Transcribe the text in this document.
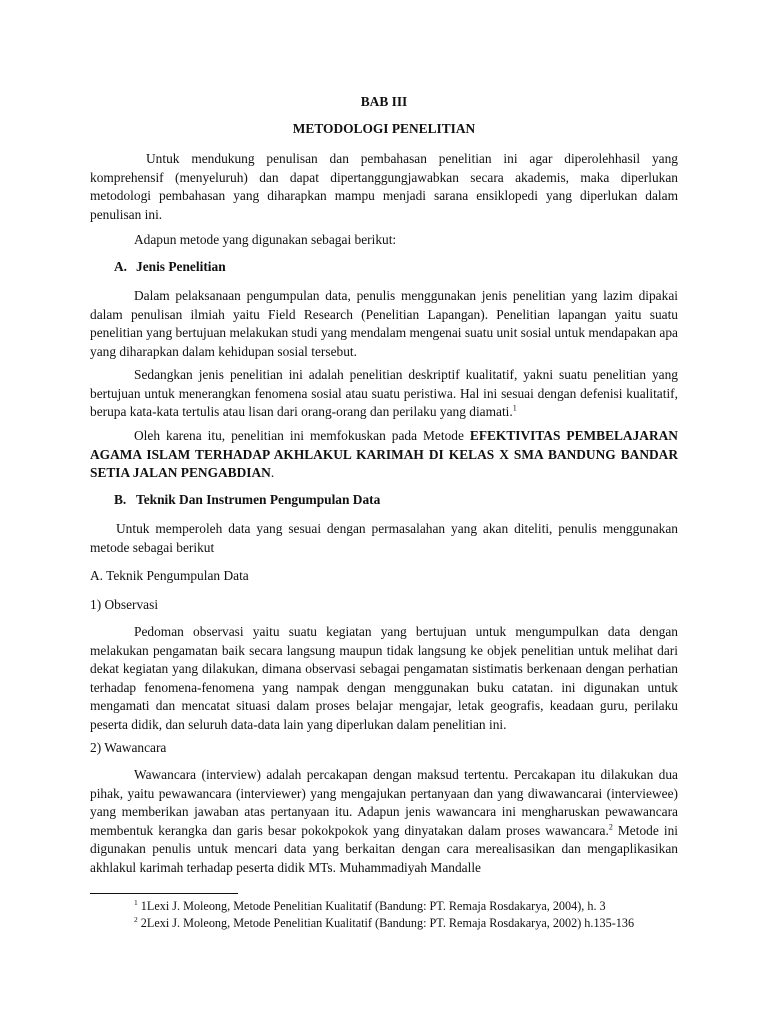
BAB III

METODOLOGI PENELITIAN

Untuk mendukung penulisan dan pembahasan penelitian ini agar diperolehhasil yang komprehensif (menyeluruh) dan dapat dipertanggungjawabkan secara akademis, maka diperlukan metodologi pembahasan yang diharapkan mampu menjadi sarana ensiklopedi yang diperlukan dalam penulisan ini.

Adapun metode yang digunakan sebagai berikut:

A. Jenis Penelitian

Dalam pelaksanaan pengumpulan data, penulis menggunakan jenis penelitian yang lazim dipakai dalam penulisan ilmiah yaitu Field Research (Penelitian Lapangan). Penelitian lapangan yaitu suatu penelitian yang bertujuan melakukan studi yang mendalam mengenai suatu unit sosial untuk mendapakan apa yang diharapkan dalam kehidupan sosial tersebut.

Sedangkan jenis penelitian ini adalah penelitian deskriptif kualitatif, yakni suatu penelitian yang bertujuan untuk menerangkan fenomena sosial atau suatu peristiwa. Hal ini sesuai dengan defenisi kualitatif, berupa kata-kata tertulis atau lisan dari orang-orang dan perilaku yang diamati.$^1$

Oleh karena itu, penelitian ini memfokuskan pada Metode EFEKTIVITAS PEMBELAJARAN AGAMA ISLAM TERHADAP AKHLAKUL KARIMAH DI KELAS X SMA BANDUNG BANDAR SETIA JALAN PENGABDIAN.

B. Teknik Dan Instrumen Pengumpulan Data

Untuk memperoleh data yang sesuai dengan permasalahan yang akan diteliti, penulis menggunakan metode sebagai berikut

A. Teknik Pengumpulan Data

1) Observasi

Pedoman observasi yaitu suatu kegiatan yang bertujuan untuk mengumpulkan data dengan melakukan pengamatan baik secara langsung maupun tidak langsung ke objek penelitian untuk melihat dari dekat kegiatan yang dilakukan, dimana observasi sebagai pengamatan sistimatis berkenaan dengan perhatian terhadap fenomena-fenomena yang nampak dengan menggunakan buku catatan. ini digunakan untuk mengamati dan mencatat situasi dalam proses belajar mengajar, letak geografis, keadaan guru, perilaku peserta didik, dan seluruh data-data lain yang diperlukan dalam penelitian ini.

2) Wawancara

Wawancara (interview) adalah percakapan dengan maksud tertentu. Percakapan itu dilakukan dua pihak, yaitu pewawancara (interviewer) yang mengajukan pertanyaan dan yang diwawancarai (interviewee) yang memberikan jawaban atas pertanyaan itu. Adapun jenis wawancara ini mengharuskan pewawancara membentuk kerangka dan garis besar pokokpokok yang dinyatakan dalam proses wawancara.$^2$ Metode ini digunakan penulis untuk mencari data yang berkaitan dengan cara merealisasikan dan mengaplikasikan akhlakul karimah terhadap peserta didik MTs. Muhammadiyah Mandalle

$^1$ 1Lexi J. Moleong, Metode Penelitian Kualitatif (Bandung: PT. Remaja Rosdakarya, 2004), h. 3

$^2$ 2Lexi J. Moleong, Metode Penelitian Kualitatif (Bandung: PT. Remaja Rosdakarya, 2002) h.135-136
